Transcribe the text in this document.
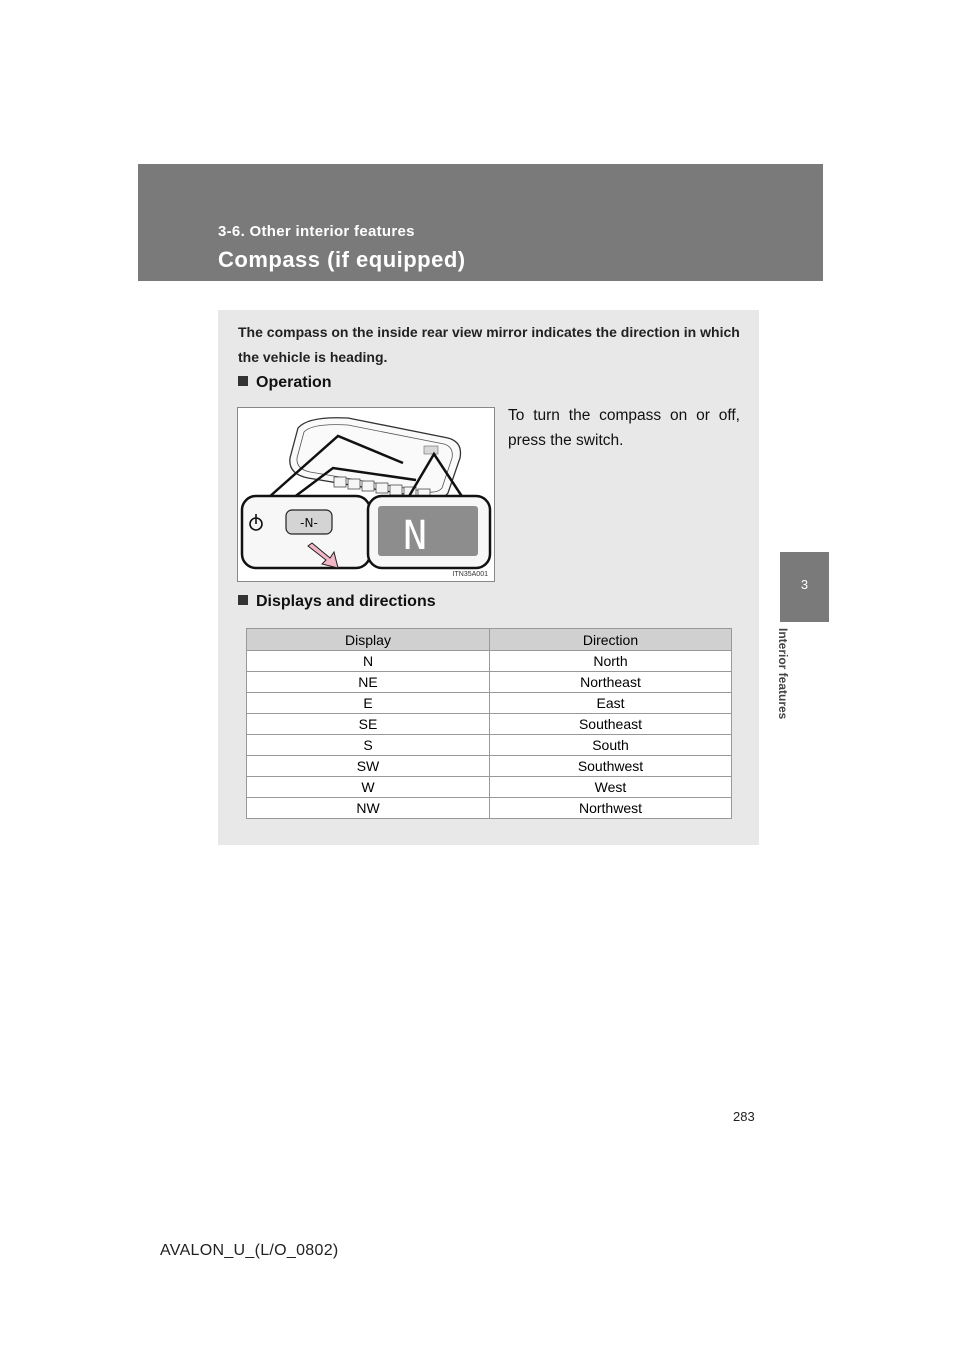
3-6. Other interior features
Compass (if equipped)
3
Interior features
The compass on the inside rear view mirror indicates the direction in which the vehicle is heading.
Operation
-N- N
ITN35A001
To turn the compass on or off, press the switch.
Displays and directions
Display	Direction
N	North
NE	Northeast
E	East
SE	Southeast
S	South
SW	Southwest
W	West
NW	Northwest
283
AVALON_U_(L/O_0802)
